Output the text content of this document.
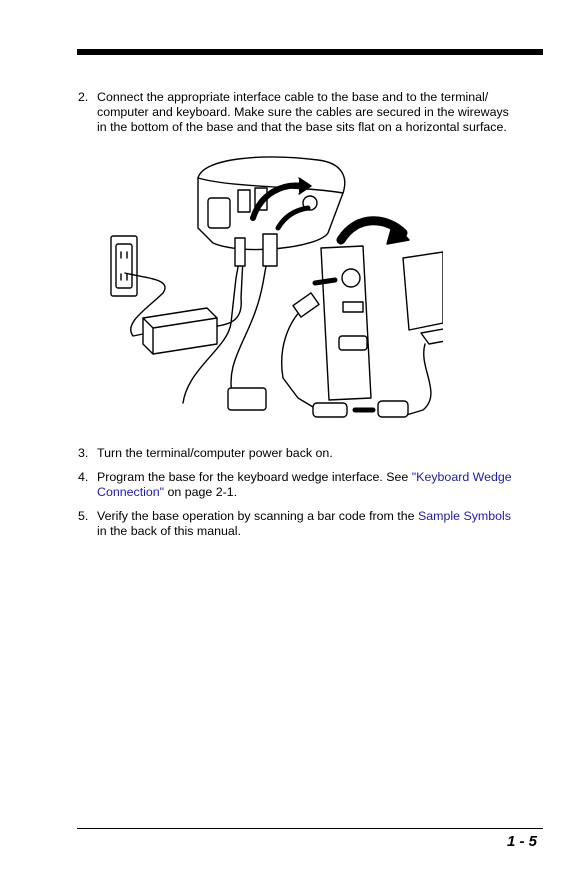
2. Connect the appropriate interface cable to the base and to the terminal/
computer and keyboard. Make sure the cables are secured in the wireways
in the bottom of the base and that the base sits flat on a horizontal surface.
3. Turn the terminal/computer power back on.
4. Program the base for the keyboard wedge interface. See "Keyboard Wedge
Connection" on page 2-1.
5. Verify the base operation by scanning a bar code from the Sample Symbols
in the back of this manual.
1 - 5
